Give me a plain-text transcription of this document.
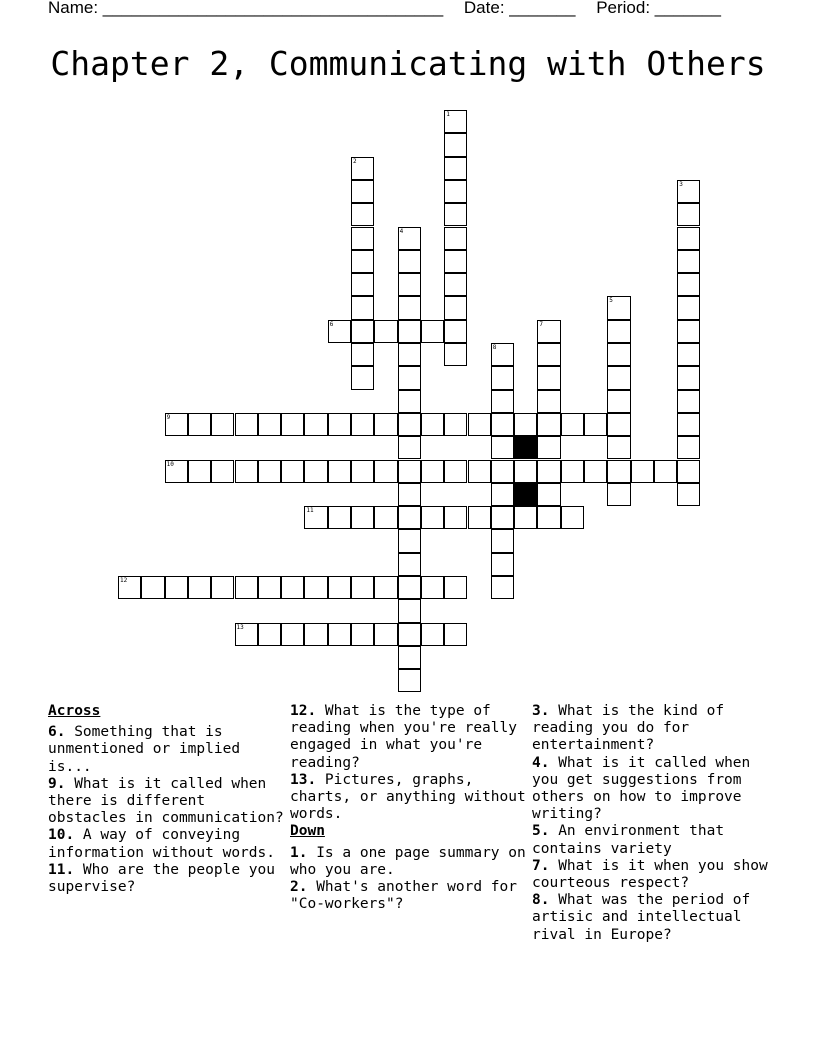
Name: ____________________________________ Date: _______ Period: _______
Chapter 2, Communicating with Others
1
2
3
4
5
6	7
8
9
10
11
12
13
Across
6. Something that is unmentioned or implied is...
9. What is it called when there is different obstacles in communication?
10. A way of conveying information without words.
11. Who are the people you supervise?
12. What is the type of reading when you're really engaged in what you're reading?
13. Pictures, graphs, charts, or anything without words.
Down
1. Is a one page summary on who you are.
2. What's another word for "Co-workers"?
3. What is the kind of reading you do for entertainment?
4. What is it called when you get suggestions from others on how to improve writing?
5. An environment that contains variety
7. What is it when you show courteous respect?
8. What was the period of artisic and intellectual rival in Europe?
